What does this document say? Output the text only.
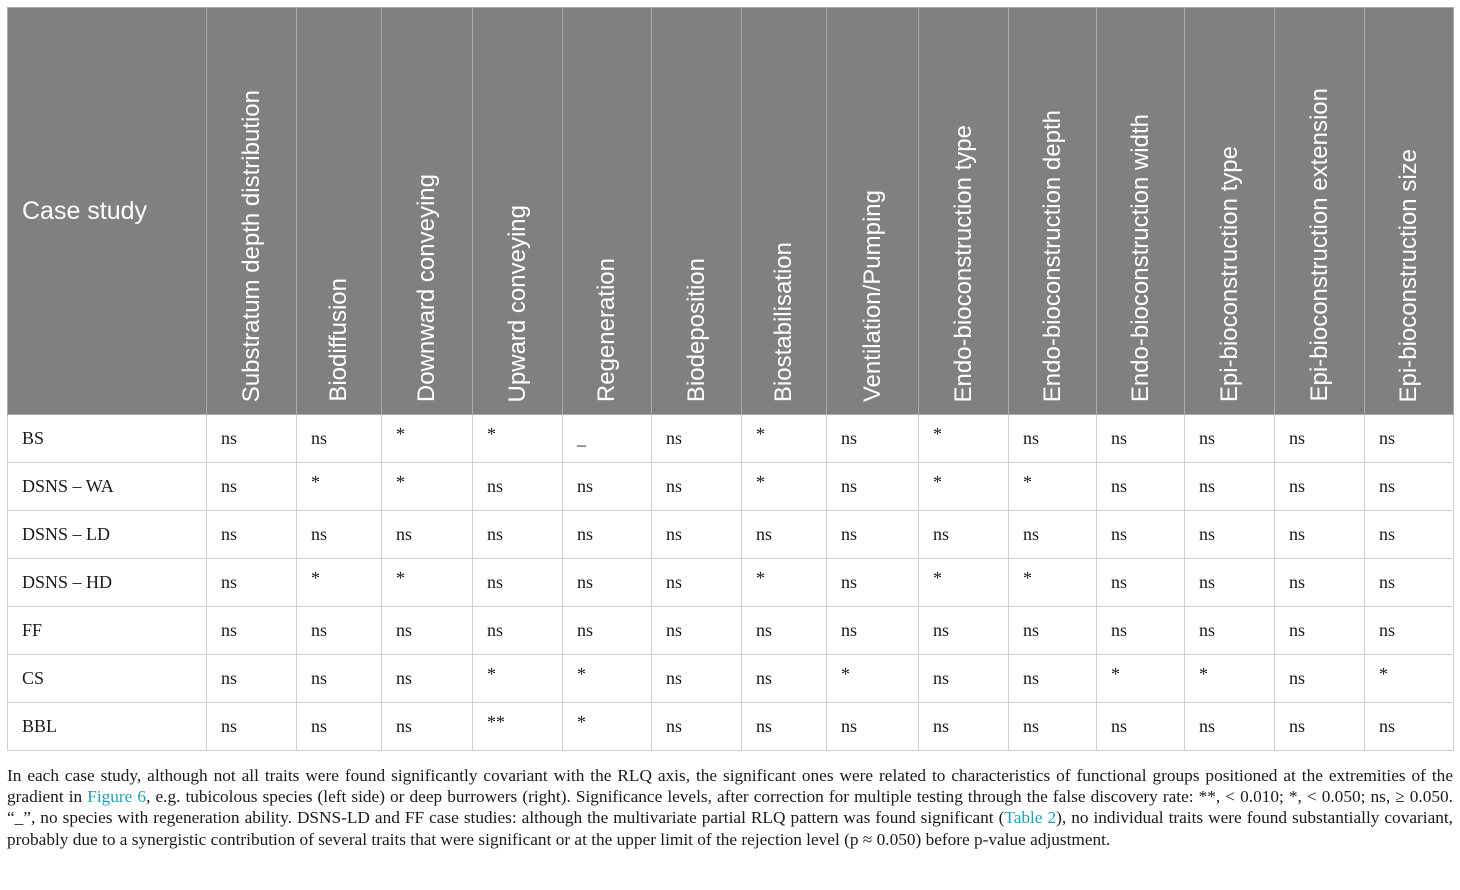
Case study	Substratum depth distribution	Biodiffusion	Downward conveying	Upward conveying	Regeneration	Biodeposition	Biostabilisation	Ventilation/Pumping	Endo-bioconstruction type	Endo-bioconstruction depth	Endo-bioconstruction width	Epi-bioconstruction type	Epi-bioconstruction extension	Epi-bioconstruction size

BS	ns	ns	*	*	_	ns	*	ns	*	ns	ns	ns	ns	ns
DSNS – WA	ns	*	*	ns	ns	ns	*	ns	*	*	ns	ns	ns	ns
DSNS – LD	ns	ns	ns	ns	ns	ns	ns	ns	ns	ns	ns	ns	ns	ns
DSNS – HD	ns	*	*	ns	ns	ns	*	ns	*	*	ns	ns	ns	ns
FF	ns	ns	ns	ns	ns	ns	ns	ns	ns	ns	ns	ns	ns	ns
CS	ns	ns	ns	*	*	ns	ns	*	ns	ns	*	*	ns	*
BBL	ns	ns	ns	**	*	ns	ns	ns	ns	ns	ns	ns	ns	ns
In each case study, although not all traits were found significantly covariant with the RLQ axis, the significant ones were related to characteristics of functional groups positioned at the extremities of the gradient in Figure 6, e.g. tubicolous species (left side) or deep burrowers (right). Significance levels, after correction for multiple testing through the false discovery rate: **, < 0.010; *, < 0.050; ns, ≥ 0.050. “_”, no species with regeneration ability. DSNS-LD and FF case studies: although the multivariate partial RLQ pattern was found significant (Table 2), no individual traits were found substantially covariant, probably due to a synergistic contribution of several traits that were significant or at the upper limit of the rejection level (p ≈ 0.050) before p-value adjustment.
